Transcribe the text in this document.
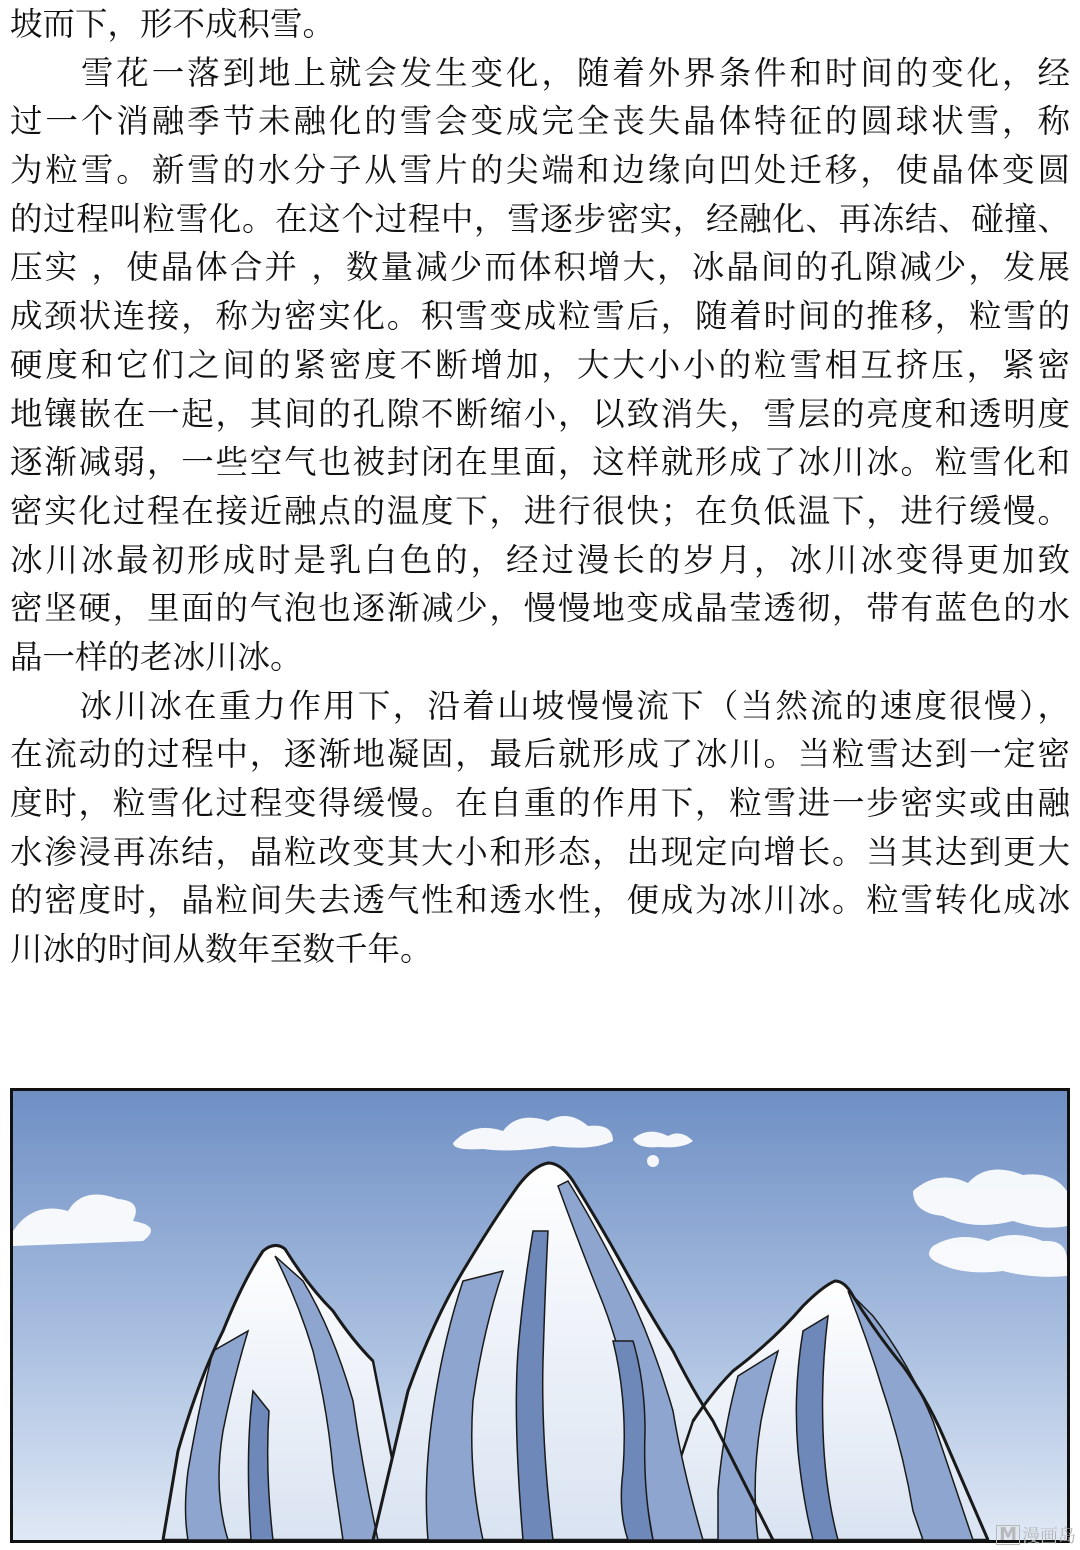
坡而下，形不成积雪。
　　雪花一落到地上就会发生变化，随着外界条件和时间的变化，经
过一个消融季节未融化的雪会变成完全丧失晶体特征的圆球状雪，称
为粒雪。新雪的水分子从雪片的尖端和边缘向凹处迁移，使晶体变圆
的过程叫粒雪化。在这个过程中，雪逐步密实，经融化、再冻结、碰撞、
压实 ，使晶体合并 ，数量减少而体积增大，冰晶间的孔隙减少，发展
成颈状连接，称为密实化。积雪变成粒雪后，随着时间的推移，粒雪的
硬度和它们之间的紧密度不断增加，大大小小的粒雪相互挤压，紧密
地镶嵌在一起，其间的孔隙不断缩小，以致消失，雪层的亮度和透明度
逐渐减弱，一些空气也被封闭在里面，这样就形成了冰川冰。粒雪化和
密实化过程在接近融点的温度下，进行很快；在负低温下，进行缓慢。
冰川冰最初形成时是乳白色的，经过漫长的岁月，冰川冰变得更加致
密坚硬，里面的气泡也逐渐减少，慢慢地变成晶莹透彻，带有蓝色的水
晶一样的老冰川冰。
　　冰川冰在重力作用下，沿着山坡慢慢流下（当然流的速度很慢），
在流动的过程中，逐渐地凝固，最后就形成了冰川。当粒雪达到一定密
度时，粒雪化过程变得缓慢。在自重的作用下，粒雪进一步密实或由融
水渗浸再冻结，晶粒改变其大小和形态，出现定向增长。当其达到更大
的密度时，晶粒间失去透气性和透水性，便成为冰川冰。粒雪转化成冰
川冰的时间从数年至数千年。
M 漫画岛
